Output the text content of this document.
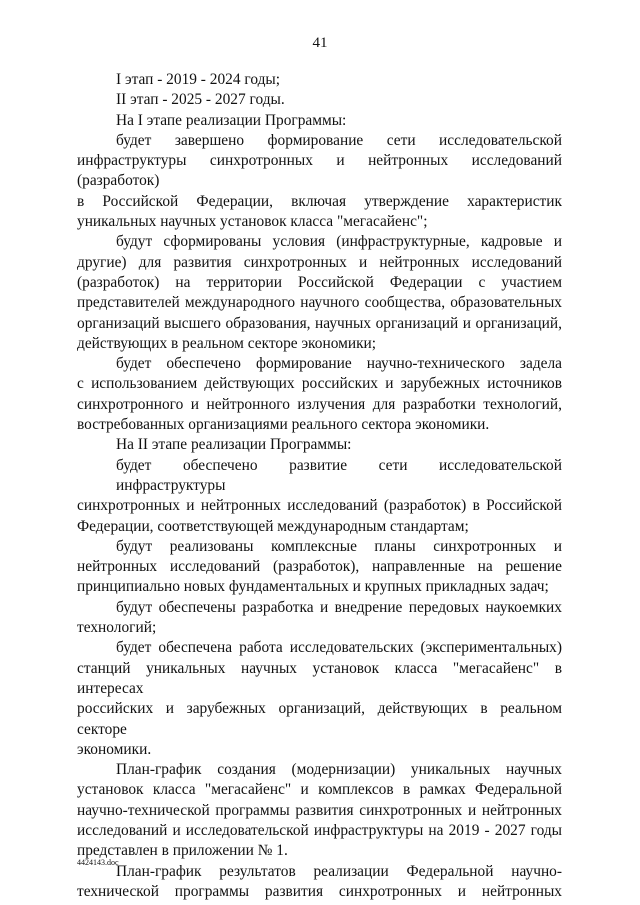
41
I этап - 2019 - 2024 годы;
II этап - 2025 - 2027 годы.
На I этапе реализации Программы:
будет завершено формирование сети исследовательской
инфраструктуры синхротронных и нейтронных исследований (разработок)
в Российской Федерации, включая утверждение характеристик
уникальных научных установок класса "мегасайенс";
будут сформированы условия (инфраструктурные, кадровые и
другие) для развития синхротронных и нейтронных исследований
(разработок) на территории Российской Федерации с участием
представителей международного научного сообщества, образовательных
организаций высшего образования, научных организаций и организаций,
действующих в реальном секторе экономики;
будет обеспечено формирование научно-технического задела
с использованием действующих российских и зарубежных источников
синхротронного и нейтронного излучения для разработки технологий,
востребованных организациями реального сектора экономики.
На II этапе реализации Программы:
будет обеспечено развитие сети исследовательской инфраструктуры
синхротронных и нейтронных исследований (разработок) в Российской
Федерации, соответствующей международным стандартам;
будут реализованы комплексные планы синхротронных и
нейтронных исследований (разработок), направленные на решение
принципиально новых фундаментальных и крупных прикладных задач;
будут обеспечены разработка и внедрение передовых наукоемких
технологий;
будет обеспечена работа исследовательских (экспериментальных)
станций уникальных научных установок класса "мегасайенс" в интересах
российских и зарубежных организаций, действующих в реальном секторе
экономики.
План-график создания (модернизации) уникальных научных
установок класса "мегасайенс" и комплексов в рамках Федеральной
научно-технической программы развития синхротронных и нейтронных
исследований и исследовательской инфраструктуры на 2019 - 2027 годы
представлен в приложении № 1.
План-график результатов реализации Федеральной научно-
технической программы развития синхротронных и нейтронных
4424143.doc
